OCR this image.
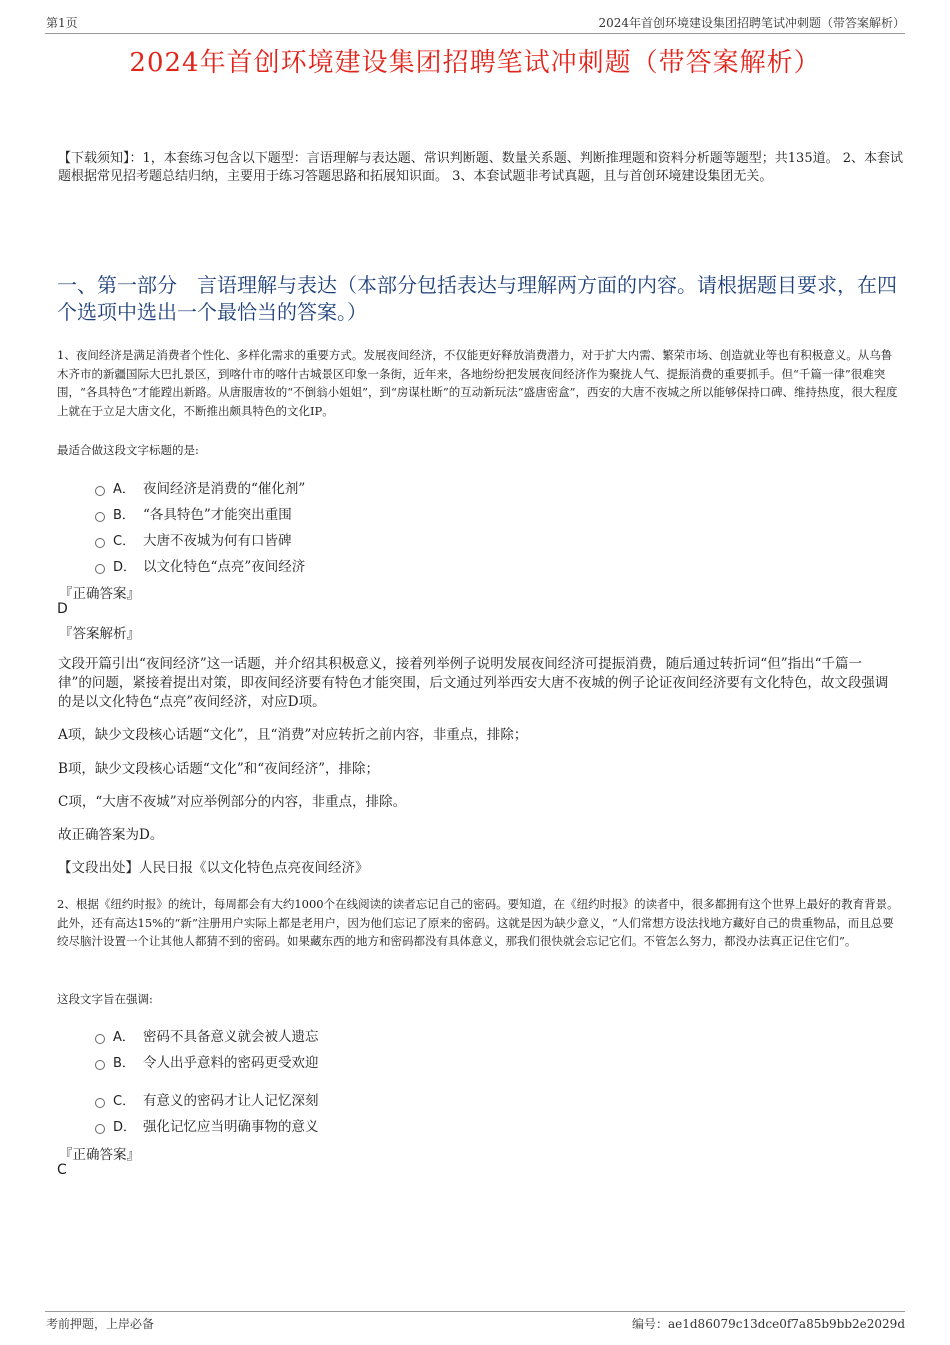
第1页	2024年首创环境建设集团招聘笔试冲刺题（带答案解析）
2024年首创环境建设集团招聘笔试冲刺题（带答案解析）
【下载须知】：1，本套练习包含以下题型：言语理解与表达题、常识判断题、数量关系题、判断推理题和资料分析题等题型；共135道。 2、本套试题根据常见招考题总结归纳，主要用于练习答题思路和拓展知识面。 3、本套试题非考试真题，且与首创环境建设集团无关。
一、第一部分　言语理解与表达（本部分包括表达与理解两方面的内容。请根据题目要求，在四个选项中选出一个最恰当的答案。）
1、夜间经济是满足消费者个性化、多样化需求的重要方式。发展夜间经济，不仅能更好释放消费潜力，对于扩大内需、繁荣市场、创造就业等也有积极意义。从乌鲁木齐市的新疆国际大巴扎景区，到喀什市的喀什古城景区印象一条街，近年来，各地纷纷把发展夜间经济作为聚拢人气、提振消费的重要抓手。但“千篇一律”很难突围，“各具特色”才能蹚出新路。从唐服唐妆的“不倒翁小姐姐”，到“房谋杜断”的互动新玩法“盛唐密盒”，西安的大唐不夜城之所以能够保持口碑、维持热度，很大程度上就在于立足大唐文化，不断推出颇具特色的文化IP。
最适合做这段文字标题的是:
A． 夜间经济是消费的“催化剂”
B． “各具特色”才能突出重围
C． 大唐不夜城为何有口皆碑
D． 以文化特色“点亮”夜间经济
『正确答案』
D
『答案解析』
文段开篇引出“夜间经济”这一话题，并介绍其积极意义，接着列举例子说明发展夜间经济可提振消费，随后通过转折词“但”指出“千篇一律”的问题，紧接着提出对策，即夜间经济要有特色才能突围，后文通过列举西安大唐不夜城的例子论证夜间经济要有文化特色，故文段强调的是以文化特色“点亮”夜间经济，对应D项。
A项，缺少文段核心话题“文化”，且“消费”对应转折之前内容，非重点，排除；
B项，缺少文段核心话题“文化”和“夜间经济”，排除；
C项，“大唐不夜城”对应举例部分的内容，非重点，排除。
故正确答案为D。
【文段出处】人民日报《以文化特色点亮夜间经济》
2、根据《纽约时报》的统计，每周都会有大约1000个在线阅读的读者忘记自己的密码。要知道，在《纽约时报》的读者中，很多都拥有这个世界上最好的教育背景。此外，还有高达15%的“新”注册用户实际上都是老用户，因为他们忘记了原来的密码。这就是因为缺少意义，“人们常想方设法找地方藏好自己的贵重物品，而且总要绞尽脑汁设置一个让其他人都猜不到的密码。如果藏东西的地方和密码都没有具体意义，那我们很快就会忘记它们。不管怎么努力，都没办法真正记住它们”。
这段文字旨在强调:
A． 密码不具备意义就会被人遗忘
B． 令人出乎意料的密码更受欢迎
C． 有意义的密码才让人记忆深刻
D． 强化记忆应当明确事物的意义
『正确答案』
C
考前押题，上岸必备	编号：ae1d86079c13dce0f7a85b9bb2e2029d
